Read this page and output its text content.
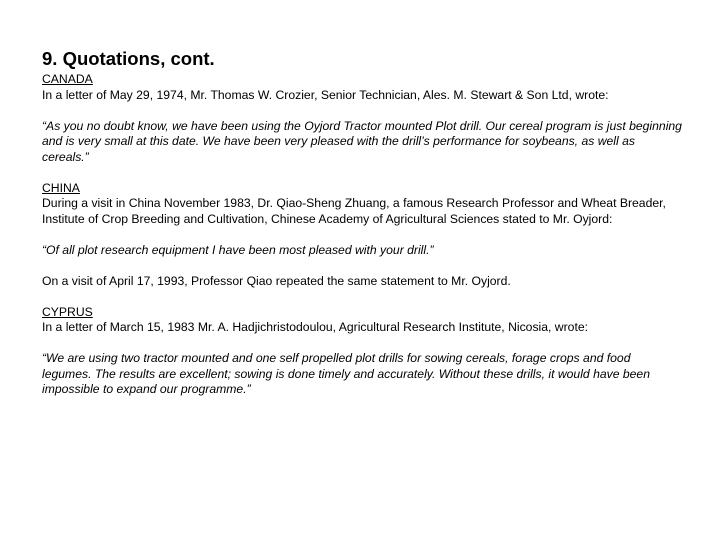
9. Quotations, cont.

CANADA

In a letter of May 29, 1974, Mr. Thomas W. Crozier, Senior Technician, Ales. M. Stewart & Son Ltd, wrote:

“As you no doubt know, we have been using the Oyjord Tractor mounted Plot drill. Our cereal program is just beginning and is very small at this date. We have been very pleased with the drill’s performance for soybeans, as well as cereals.”

CHINA

During a visit in China November 1983, Dr. Qiao-Sheng Zhuang, a famous Research Professor and Wheat Breader, Institute of Crop Breeding and Cultivation, Chinese Academy of Agricultural Sciences stated to Mr. Oyjord:

“Of all plot research equipment I have been most pleased with your drill.”

On a visit of April 17, 1993, Professor Qiao repeated the same statement to Mr. Oyjord.

CYPRUS

In a letter of March 15, 1983 Mr. A. Hadjichristodoulou, Agricultural Research Institute, Nicosia, wrote:

“We are using two tractor mounted and one self propelled plot drills for sowing cereals, forage crops and food legumes. The results are excellent; sowing is done timely and accurately. Without these drills, it would have been impossible to expand our programme.”
